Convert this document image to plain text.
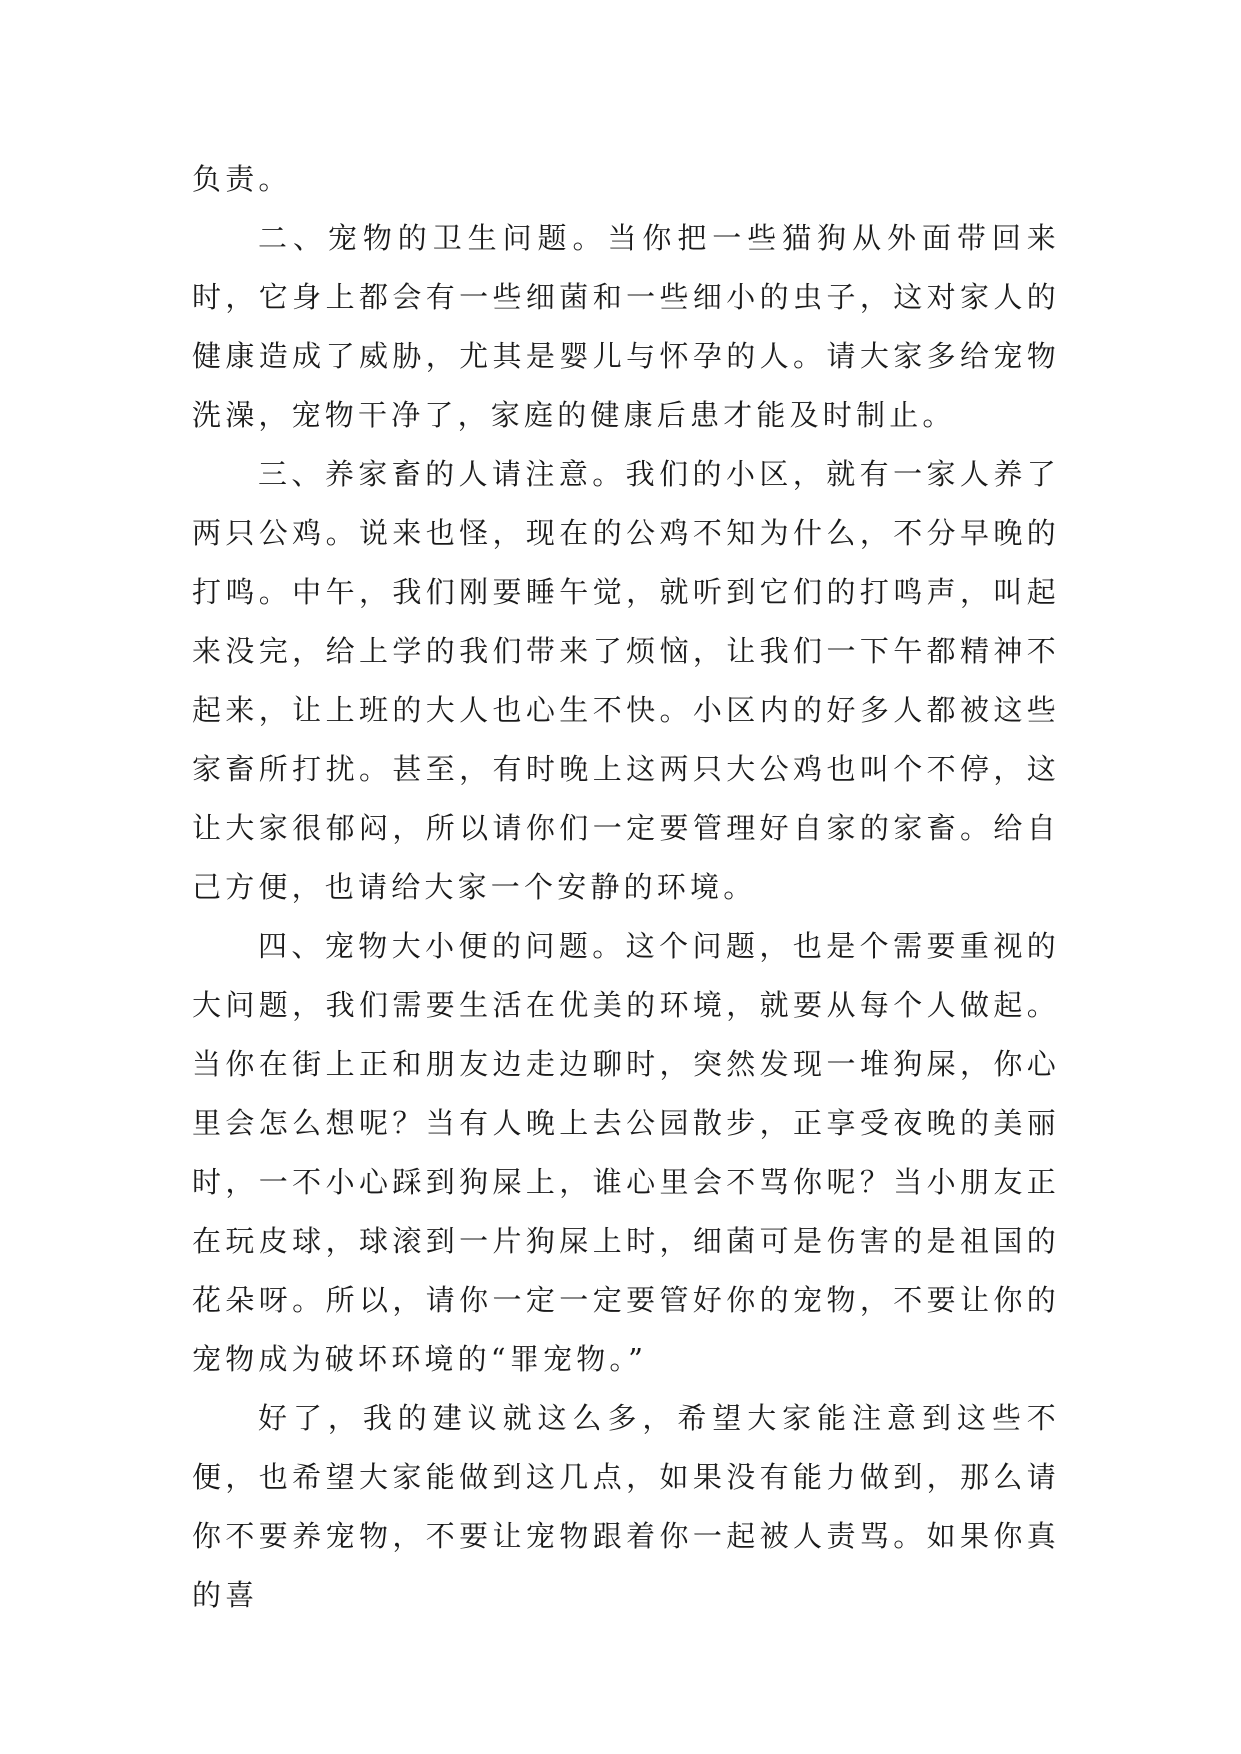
负责。

二、宠物的卫生问题。当你把一些猫狗从外面带回来时，它身上都会有一些细菌和一些细小的虫子，这对家人的健康造成了威胁，尤其是婴儿与怀孕的人。请大家多给宠物洗澡，宠物干净了，家庭的健康后患才能及时制止。

三、养家畜的人请注意。我们的小区，就有一家人养了两只公鸡。说来也怪，现在的公鸡不知为什么，不分早晚的打鸣。中午，我们刚要睡午觉，就听到它们的打鸣声，叫起来没完，给上学的我们带来了烦恼，让我们一下午都精神不起来，让上班的大人也心生不快。小区内的好多人都被这些家畜所打扰。甚至，有时晚上这两只大公鸡也叫个不停，这让大家很郁闷，所以请你们一定要管理好自家的家畜。给自己方便，也请给大家一个安静的环境。

四、宠物大小便的问题。这个问题，也是个需要重视的大问题，我们需要生活在优美的环境，就要从每个人做起。当你在街上正和朋友边走边聊时，突然发现一堆狗屎，你心里会怎么想呢？当有人晚上去公园散步，正享受夜晚的美丽时，一不小心踩到狗屎上，谁心里会不骂你呢？当小朋友正在玩皮球，球滚到一片狗屎上时，细菌可是伤害的是祖国的花朵呀。所以，请你一定一定要管好你的宠物，不要让你的宠物成为破坏环境的“罪宠物。”

好了，我的建议就这么多，希望大家能注意到这些不便，也希望大家能做到这几点，如果没有能力做到，那么请你不要养宠物，不要让宠物跟着你一起被人责骂。如果你真的喜
